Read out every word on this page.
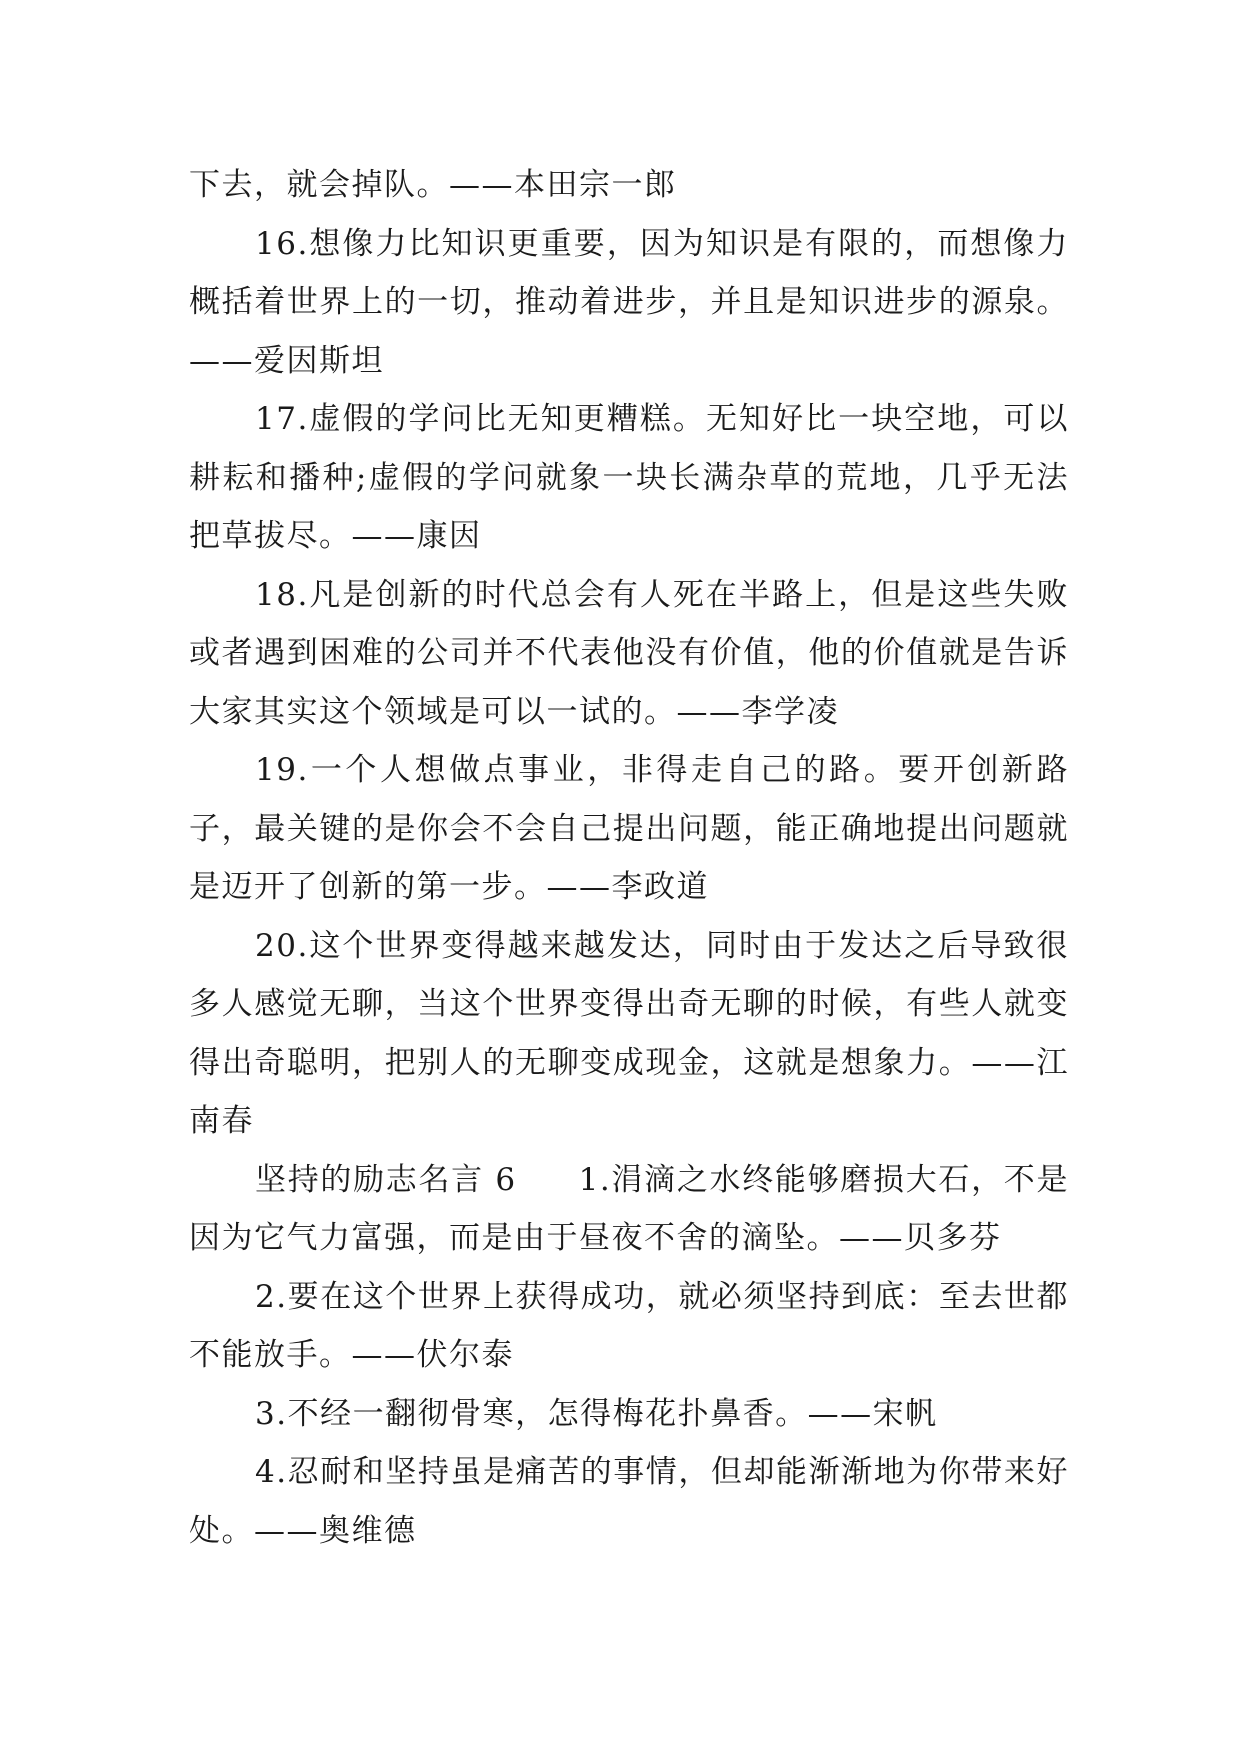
下去，就会掉队。——本田宗一郎

16.想像力比知识更重要，因为知识是有限的，而想像力概括着世界上的一切，推动着进步，并且是知识进步的源泉。——爱因斯坦

17.虚假的学问比无知更糟糕。无知好比一块空地，可以耕耘和播种;虚假的学问就象一块长满杂草的荒地，几乎无法把草拔尽。——康因

18.凡是创新的时代总会有人死在半路上，但是这些失败或者遇到困难的公司并不代表他没有价值，他的价值就是告诉大家其实这个领域是可以一试的。——李学凌

19.一个人想做点事业，非得走自己的路。要开创新路子，最关键的是你会不会自己提出问题，能正确地提出问题就是迈开了创新的第一步。——李政道

20.这个世界变得越来越发达，同时由于发达之后导致很多人感觉无聊，当这个世界变得出奇无聊的时候，有些人就变得出奇聪明，把别人的无聊变成现金，这就是想象力。——江南春

坚持的励志名言 6 1.涓滴之水终能够磨损大石，不是因为它气力富强，而是由于昼夜不舍的滴坠。——贝多芬

2.要在这个世界上获得成功，就必须坚持到底：至去世都不能放手。——伏尔泰

3.不经一翻彻骨寒，怎得梅花扑鼻香。——宋帆

4.忍耐和坚持虽是痛苦的事情，但却能渐渐地为你带来好处。——奥维德
